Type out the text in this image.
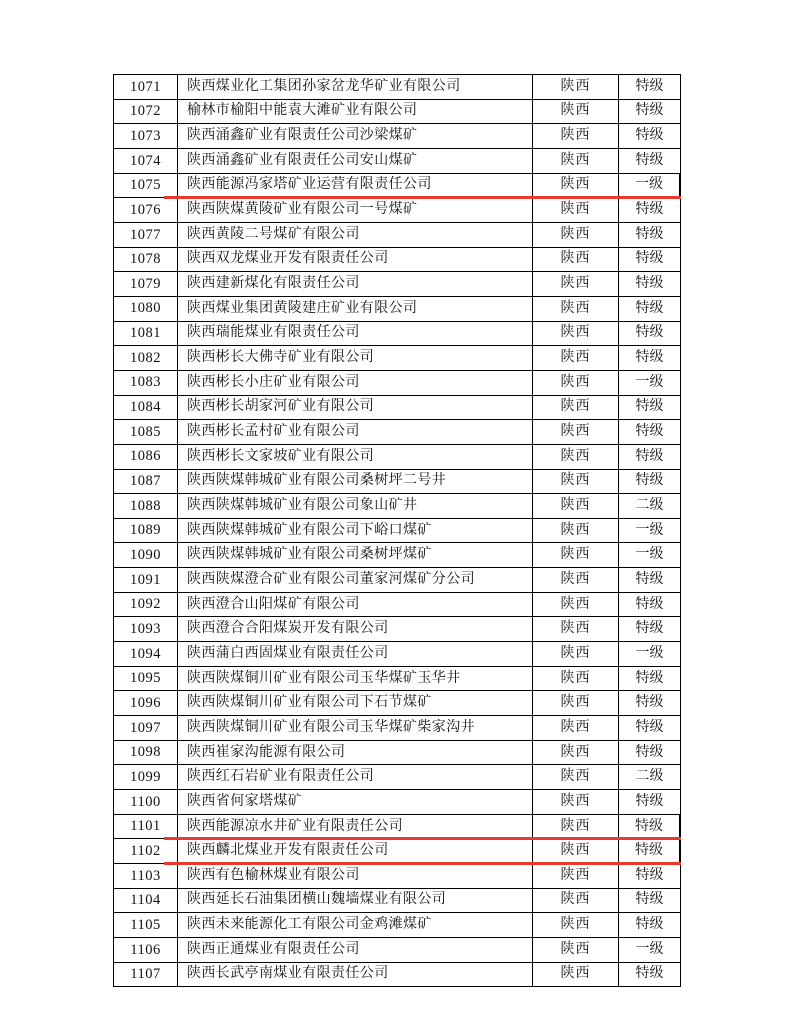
1071	陕西煤业化工集团孙家岔龙华矿业有限公司	陕西	特级
1072	榆林市榆阳中能袁大滩矿业有限公司	陕西	特级
1073	陕西涌鑫矿业有限责任公司沙梁煤矿	陕西	特级
1074	陕西涌鑫矿业有限责任公司安山煤矿	陕西	特级
1075	陕西能源冯家塔矿业运营有限责任公司	陕西	一级
1076	陕西陕煤黄陵矿业有限公司一号煤矿	陕西	特级
1077	陕西黄陵二号煤矿有限公司	陕西	特级
1078	陕西双龙煤业开发有限责任公司	陕西	特级
1079	陕西建新煤化有限责任公司	陕西	特级
1080	陕西煤业集团黄陵建庄矿业有限公司	陕西	特级
1081	陕西瑞能煤业有限责任公司	陕西	特级
1082	陕西彬长大佛寺矿业有限公司	陕西	特级
1083	陕西彬长小庄矿业有限公司	陕西	一级
1084	陕西彬长胡家河矿业有限公司	陕西	特级
1085	陕西彬长孟村矿业有限公司	陕西	特级
1086	陕西彬长文家坡矿业有限公司	陕西	特级
1087	陕西陕煤韩城矿业有限公司桑树坪二号井	陕西	特级
1088	陕西陕煤韩城矿业有限公司象山矿井	陕西	二级
1089	陕西陕煤韩城矿业有限公司下峪口煤矿	陕西	一级
1090	陕西陕煤韩城矿业有限公司桑树坪煤矿	陕西	一级
1091	陕西陕煤澄合矿业有限公司董家河煤矿分公司	陕西	特级
1092	陕西澄合山阳煤矿有限公司	陕西	特级
1093	陕西澄合合阳煤炭开发有限公司	陕西	特级
1094	陕西蒲白西固煤业有限责任公司	陕西	一级
1095	陕西陕煤铜川矿业有限公司玉华煤矿玉华井	陕西	特级
1096	陕西陕煤铜川矿业有限公司下石节煤矿	陕西	特级
1097	陕西陕煤铜川矿业有限公司玉华煤矿柴家沟井	陕西	特级
1098	陕西崔家沟能源有限公司	陕西	特级
1099	陕西红石岩矿业有限责任公司	陕西	二级
1100	陕西省何家塔煤矿	陕西	特级
1101	陕西能源凉水井矿业有限责任公司	陕西	特级
1102	陕西麟北煤业开发有限责任公司	陕西	特级
1103	陕西有色榆林煤业有限公司	陕西	特级
1104	陕西延长石油集团横山魏墙煤业有限公司	陕西	特级
1105	陕西未来能源化工有限公司金鸡滩煤矿	陕西	特级
1106	陕西正通煤业有限责任公司	陕西	一级
1107	陕西长武亭南煤业有限责任公司	陕西	特级
